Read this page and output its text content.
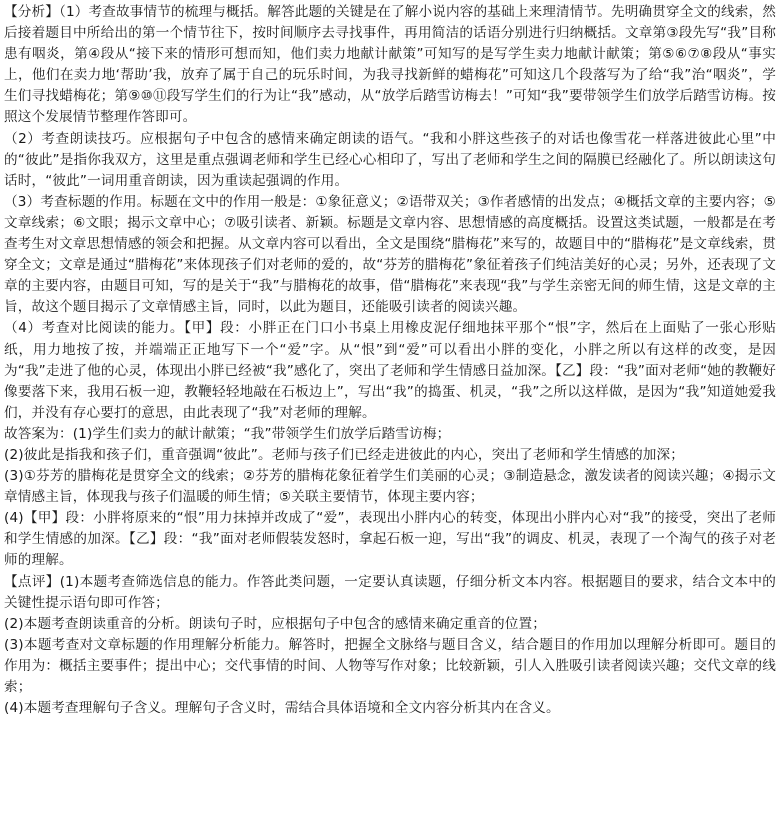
【分析】（1）考查故事情节的梳理与概括。解答此题的关键是在了解小说内容的基础上来理清情节。先明确贯穿全文的线索，然后接着题目中所给出的第一个情节往下，按时间顺序去寻找事件，再用简洁的话语分别进行归纳概括。文章第③段先写“我”目称患有咽炎，第④段从“接下来的情形可想而知，他们卖力地献计献策”可知写的是写学生卖力地献计献策；第⑤⑥⑦⑧段从“事实上，他们在卖力地‘帮助’我，放弃了属于自己的玩乐时间，为我寻找新鲜的蜡梅花”可知这几个段落写为了给“我”治“咽炎”，学生们寻找蜡梅花；第⑨⑩⑪段写学生们的行为让“我”感动，从“放学后踏雪访梅去！”可知“我”要带领学生们放学后踏雪访梅。按照这个发展情节整理作答即可。

（2）考查朗读技巧。应根据句子中包含的感情来确定朗读的语气。“我和小胖这些孩子的对话也像雪花一样落进彼此心里”中的“彼此”是指你我双方，这里是重点强调老师和学生已经心心相印了，写出了老师和学生之间的隔膜已经融化了。所以朗读这句话时，“彼此”一词用重音朗读，因为重读起强调的作用。

（3）考查标题的作用。标题在文中的作用一般是：①象征意义；②语带双关；③作者感情的出发点；④概括文章的主要内容；⑤文章线索；⑥文眼；揭示文章中心；⑦吸引读者、新颖。标题是文章内容、思想情感的高度概括。设置这类试题，一般都是在考查考生对文章思想情感的领会和把握。从文章内容可以看出，全文是围绕“腊梅花”来写的，故题目中的“腊梅花”是文章线索，贯穿全文；文章是通过“腊梅花”来体现孩子们对老师的爱的，故“芬芳的腊梅花”象征着孩子们纯洁美好的心灵；另外，还表现了文章的主要内容，由题目可知，写的是关于“我”与腊梅花的故事，借“腊梅花”来表现“我”与学生亲密无间的师生情，这是文章的主旨，故这个题目揭示了文章情感主旨，同时，以此为题目，还能吸引读者的阅读兴趣。

（4）考查对比阅读的能力。【甲】段：小胖正在门口小书桌上用橡皮泥仔细地抹平那个“恨”字，然后在上面贴了一张心形贴纸，用力地按了按，并端端正正地写下一个“爱”字。从“恨”到“爱”可以看出小胖的变化，小胖之所以有这样的改变，是因为“我”走进了他的心灵，体现出小胖已经被“我”感化了，突出了老师和学生情感日益加深。【乙】段：“我”面对老师“她的教鞭好像要落下来，我用石板一迎，教鞭轻轻地敲在石板边上”，写出“我”的捣蛋、机灵，“我”之所以这样做，是因为“我”知道她爱我们，并没有存心要打的意思，由此表现了“我”对老师的理解。

故答案为：(1)学生们卖力的献计献策；“我”带领学生们放学后踏雪访梅；

(2)彼此是指我和孩子们，重音强调“彼此”。老师与孩子们已经走进彼此的内心，突出了老师和学生情感的加深；

(3)①芬芳的腊梅花是贯穿全文的线索；②芬芳的腊梅花象征着学生们美丽的心灵；③制造悬念，激发读者的阅读兴趣；④揭示文章情感主旨，体现我与孩子们温暖的师生情；⑤关联主要情节，体现主要内容；

(4)【甲】段：小胖将原来的“恨”用力抹掉并改成了“爱”，表现出小胖内心的转变，体现出小胖内心对“我”的接受，突出了老师和学生情感的加深。【乙】段：“我”面对老师假装发怒时，拿起石板一迎，写出“我”的调皮、机灵，表现了一个淘气的孩子对老师的理解。

【点评】(1)本题考查筛选信息的能力。作答此类问题，一定要认真读题，仔细分析文本内容。根据题目的要求，结合文本中的关键性提示语句即可作答；

(2)本题考查朗读重音的分析。朗读句子时，应根据句子中包含的感情来确定重音的位置；

(3)本题考查对文章标题的作用理解分析能力。解答时，把握全文脉络与题目含义，结合题目的作用加以理解分析即可。题目的作用为：概括主要事件；提出中心；交代事情的时间、人物等写作对象；比较新颖，引人入胜吸引读者阅读兴趣；交代文章的线索；

(4)本题考查理解句子含义。理解句子含义时，需结合具体语境和全文内容分析其内在含义。
